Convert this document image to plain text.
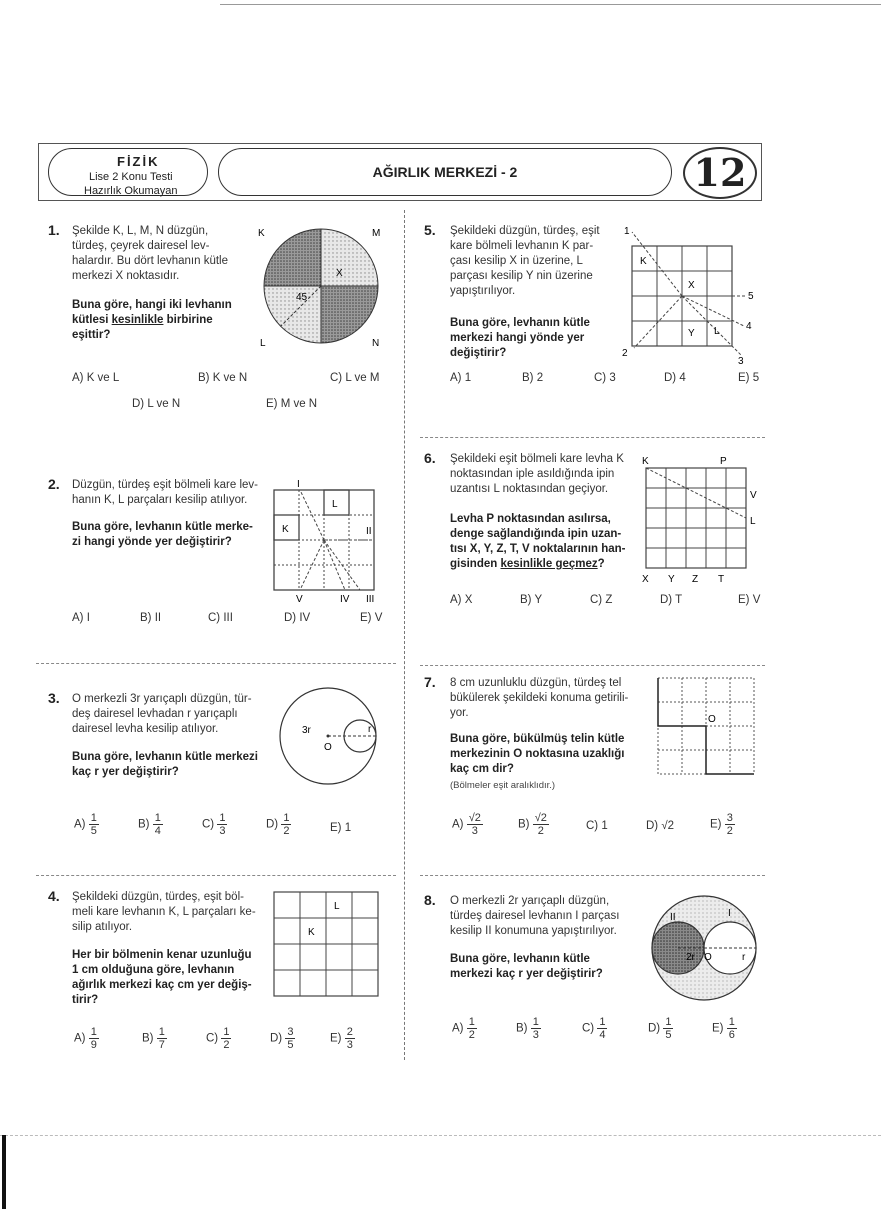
FİZİK
Lise 2 Konu Testi
Hazırlık Okumayan
AĞIRLIK MERKEZİ - 2	12
1. Şekilde K, L, M, N düzgün,
türdeş, çeyrek dairesel lev-
halardır. Bu dört levhanın kütle
merkezi X noktasıdır.
Buna göre, hangi iki levhanın
kütlesi kesinlikle birbirine
eşittir?
K	M
L	N
X
45
A) K ve L	B) K ve N	C) L ve M
D) L ve N	E) M ve N
2. Düzgün, türdeş eşit bölmeli kare lev-
hanın K, L parçaları kesilip atılıyor.
Buna göre, levhanın kütle merke-
zi hangi yönde yer değiştirir?
I
II
III
IV
V
K
L
A) I	B) II	C) III	D) IV	E) V
3. O merkezli 3r yarıçaplı düzgün, tür-
deş dairesel levhadan r yarıçaplı
dairesel levha kesilip atılıyor.
Buna göre, levhanın kütle merkezi
kaç r yer değiştirir?
3r
O
r
$A) \frac{1}{5}$	$B) \frac{1}{4}$	$C) \frac{1}{3}$	$D) \frac{1}{2}$	E) 1
4. Şekildeki düzgün, türdeş, eşit böl-
meli kare levhanın K, L parçaları ke-
silip atılıyor.
Her bir bölmenin kenar uzunluğu
1 cm olduğuna göre, levhanın
ağırlık merkezi kaç cm yer değiş-
tirir?
L
K
$A) \frac{1}{9}$	$B) \frac{1}{7}$	$C) \frac{1}{2}$	$D) \frac{3}{5}$	$E) \frac{2}{3}$
5. Şekildeki düzgün, türdeş, eşit
kare bölmeli levhanın K par-
çası kesilip X in üzerine, L
parçası kesilip Y nin üzerine
yapıştırılıyor.
Buna göre, levhanın kütle
merkezi hangi yönde yer
değiştirir?
K
X
Y L
1
2
3
4
5
A) 1	B) 2	C) 3	D) 4	E) 5
6. Şekildeki eşit bölmeli kare levha K
noktasından iple asıldığında ipin
uzantısı L noktasından geçiyor.
Levha P noktasından asılırsa,
denge sağlandığında ipin uzan-
tısı X, Y, Z, T, V noktalarının han-
gisinden kesinlikle geçmez?
K	P
V
L
X Y Z T
A) X	B) Y	C) Z	D) T	E) V
7. 8 cm uzunluklu düzgün, türdeş tel
bükülerek şekildeki konuma getirili-
yor.
Buna göre, bükülmüş telin kütle
merkezinin O noktasına uzaklığı
kaç cm dir?
(Bölmeler eşit aralıklıdır.)
O
$A) \frac{√2}{3}$	$B) \frac{√2}{2}$	C) 1	D) √2	$E) \frac{3}{2}$
8. O merkezli 2r yarıçaplı düzgün,
türdeş dairesel levhanın I parçası
kesilip II konumuna yapıştırılıyor.
Buna göre, levhanın kütle
merkezi kaç r yer değiştirir?
II	I
2r O	r
$A) \frac{1}{2}$	$B) \frac{1}{3}$	$C) \frac{1}{4}$	$D) \frac{1}{5}$	$E) \frac{1}{6}$
